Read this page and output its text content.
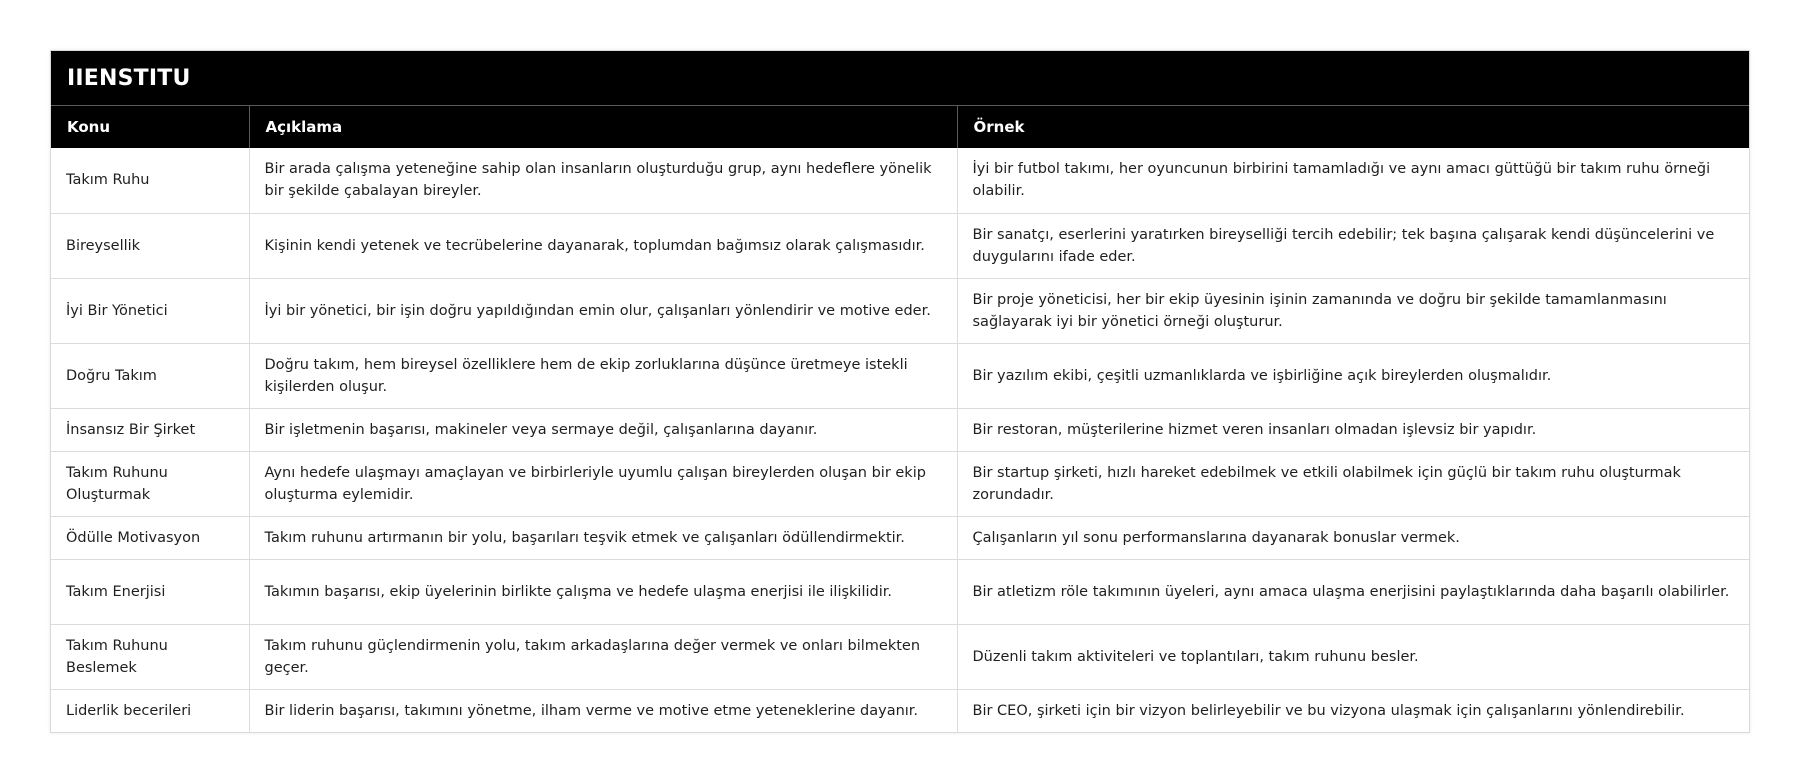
IIENSTITU
Konu	Açıklama	Örnek
Takım Ruhu	Bir arada çalışma yeteneğine sahip olan insanların oluşturduğu grup, aynı hedeflere yönelik bir şekilde çabalayan bireyler.	İyi bir futbol takımı, her oyuncunun birbirini tamamladığı ve aynı amacı güttüğü bir takım ruhu örneği olabilir.
Bireysellik	Kişinin kendi yetenek ve tecrübelerine dayanarak, toplumdan bağımsız olarak çalışmasıdır.	Bir sanatçı, eserlerini yaratırken bireyselliği tercih edebilir; tek başına çalışarak kendi düşüncelerini ve duygularını ifade eder.
İyi Bir Yönetici	İyi bir yönetici, bir işin doğru yapıldığından emin olur, çalışanları yönlendirir ve motive eder.	Bir proje yöneticisi, her bir ekip üyesinin işinin zamanında ve doğru bir şekilde tamamlanmasını sağlayarak iyi bir yönetici örneği oluşturur.
Doğru Takım	Doğru takım, hem bireysel özelliklere hem de ekip zorluklarına düşünce üretmeye istekli kişilerden oluşur.	Bir yazılım ekibi, çeşitli uzmanlıklarda ve işbirliğine açık bireylerden oluşmalıdır.
İnsansız Bir Şirket	Bir işletmenin başarısı, makineler veya sermaye değil, çalışanlarına dayanır.	Bir restoran, müşterilerine hizmet veren insanları olmadan işlevsiz bir yapıdır.
Takım Ruhunu Oluşturmak	Aynı hedefe ulaşmayı amaçlayan ve birbirleriyle uyumlu çalışan bireylerden oluşan bir ekip oluşturma eylemidir.	Bir startup şirketi, hızlı hareket edebilmek ve etkili olabilmek için güçlü bir takım ruhu oluşturmak zorundadır.
Ödülle Motivasyon	Takım ruhunu artırmanın bir yolu, başarıları teşvik etmek ve çalışanları ödüllendirmektir.	Çalışanların yıl sonu performanslarına dayanarak bonuslar vermek.
Takım Enerjisi	Takımın başarısı, ekip üyelerinin birlikte çalışma ve hedefe ulaşma enerjisi ile ilişkilidir.	Bir atletizm röle takımının üyeleri, aynı amaca ulaşma enerjisini paylaştıklarında daha başarılı olabilirler.
Takım Ruhunu Beslemek	Takım ruhunu güçlendirmenin yolu, takım arkadaşlarına değer vermek ve onları bilmekten geçer.	Düzenli takım aktiviteleri ve toplantıları, takım ruhunu besler.
Liderlik becerileri	Bir liderin başarısı, takımını yönetme, ilham verme ve motive etme yeteneklerine dayanır.	Bir CEO, şirketi için bir vizyon belirleyebilir ve bu vizyona ulaşmak için çalışanlarını yönlendirebilir.
